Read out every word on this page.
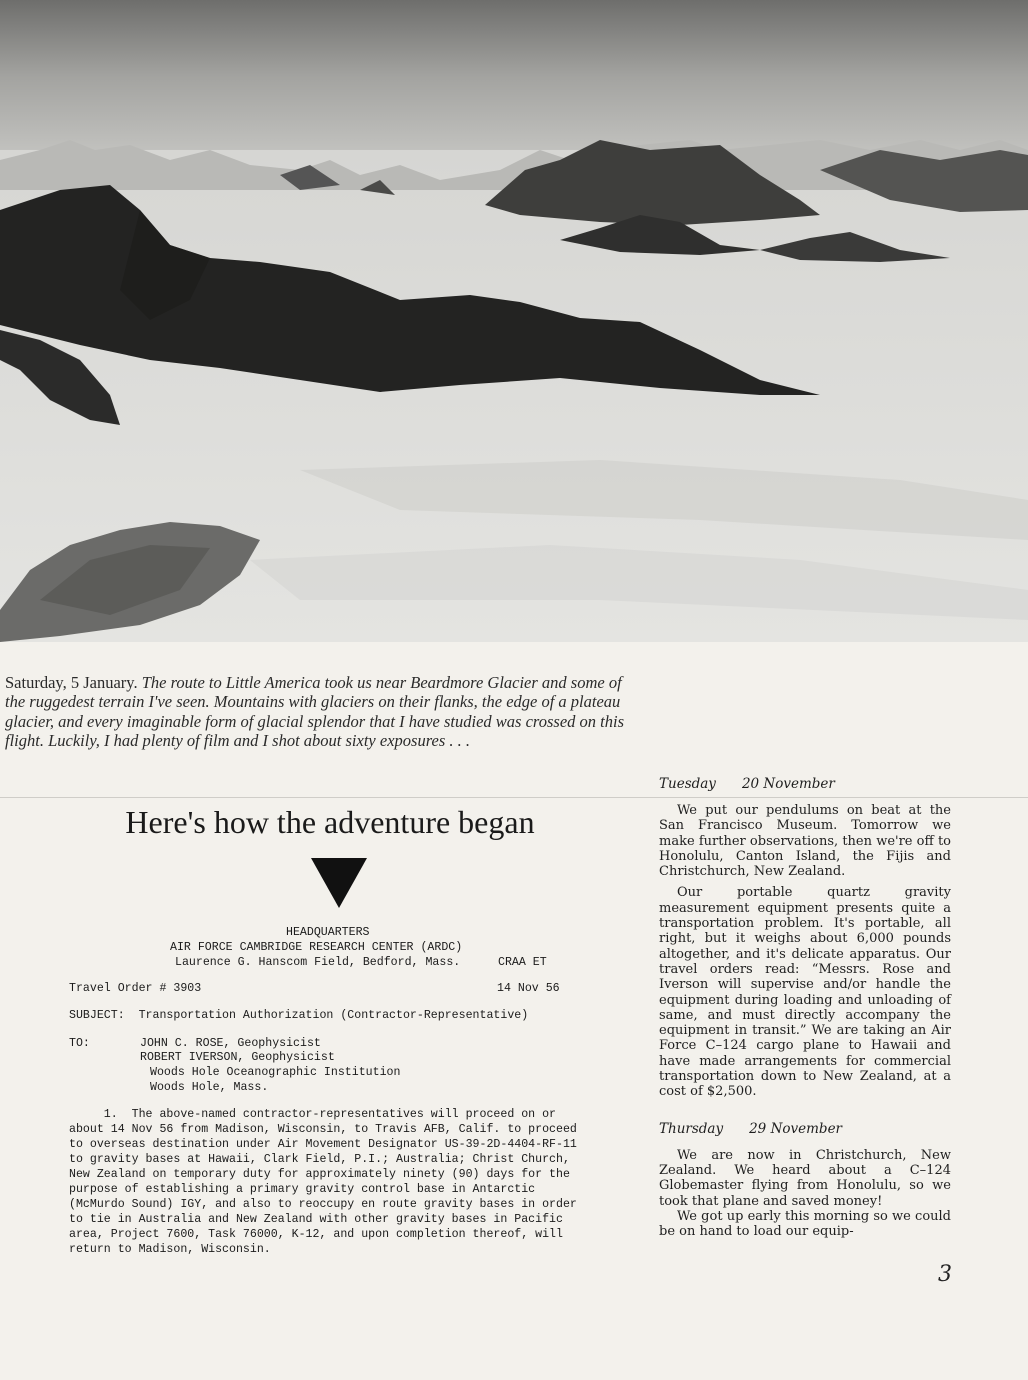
Saturday, 5 January. The route to Little America took us near Beardmore Glacier and some of the ruggedest terrain I've seen. Mountains with glaciers on their flanks, the edge of a plateau glacier, and every imaginable form of glacial splendor that I have studied was crossed on this flight. Luckily, I had plenty of film and I shot about sixty exposures . . .

Here's how the adventure began

HEADQUARTERS

AIR FORCE CAMBRIDGE RESEARCH CENTER (ARDC)

Laurence G. Hanscom Field, Bedford, Mass.	CRAA ET

Travel Order # 3903	14 Nov 56

SUBJECT:  Transportation Authorization (Contractor-Representative)

TO:	JOHN C. ROSE, Geophysicist

ROBERT IVERSON, Geophysicist

Woods Hole Oceanographic Institution

Woods Hole, Mass.

1.  The above-named contractor-representatives will proceed on or

about 14 Nov 56 from Madison, Wisconsin, to Travis AFB, Calif. to proceed

to overseas destination under Air Movement Designator US-39-2D-4404-RF-11

to gravity bases at Hawaii, Clark Field, P.I.; Australia; Christ Church,

New Zealand on temporary duty for approximately ninety (90) days for the

purpose of establishing a primary gravity control base in Antarctic

(McMurdo Sound) IGY, and also to reoccupy en route gravity bases in order

to tie in Australia and New Zealand with other gravity bases in Pacific

area, Project 7600, Task 76000, K-12, and upon completion thereof, will

return to Madison, Wisconsin.

Tuesday 20 November

We put our pendulums on beat at the San Francisco Museum. Tomorrow we make further observations, then we're off to Honolulu, Canton Island, the Fijis and Christchurch, New Zealand.

Our portable quartz gravity measurement equipment presents quite a transportation problem. It's portable, all right, but it weighs about 6,000 pounds altogether, and it's delicate apparatus. Our travel orders read: “Messrs. Rose and Iverson will supervise and/or handle the equipment during loading and unloading of same, and must directly accompany the equipment in transit.” We are taking an Air Force C–124 cargo plane to Hawaii and have made arrangements for commercial transportation down to New Zealand, at a cost of $2,500.

Thursday 29 November

We are now in Christchurch, New Zealand. We heard about a C–124 Globemaster flying from Honolulu, so we took that plane and saved money!

We got up early this morning so we could be on hand to load our equip-

3
